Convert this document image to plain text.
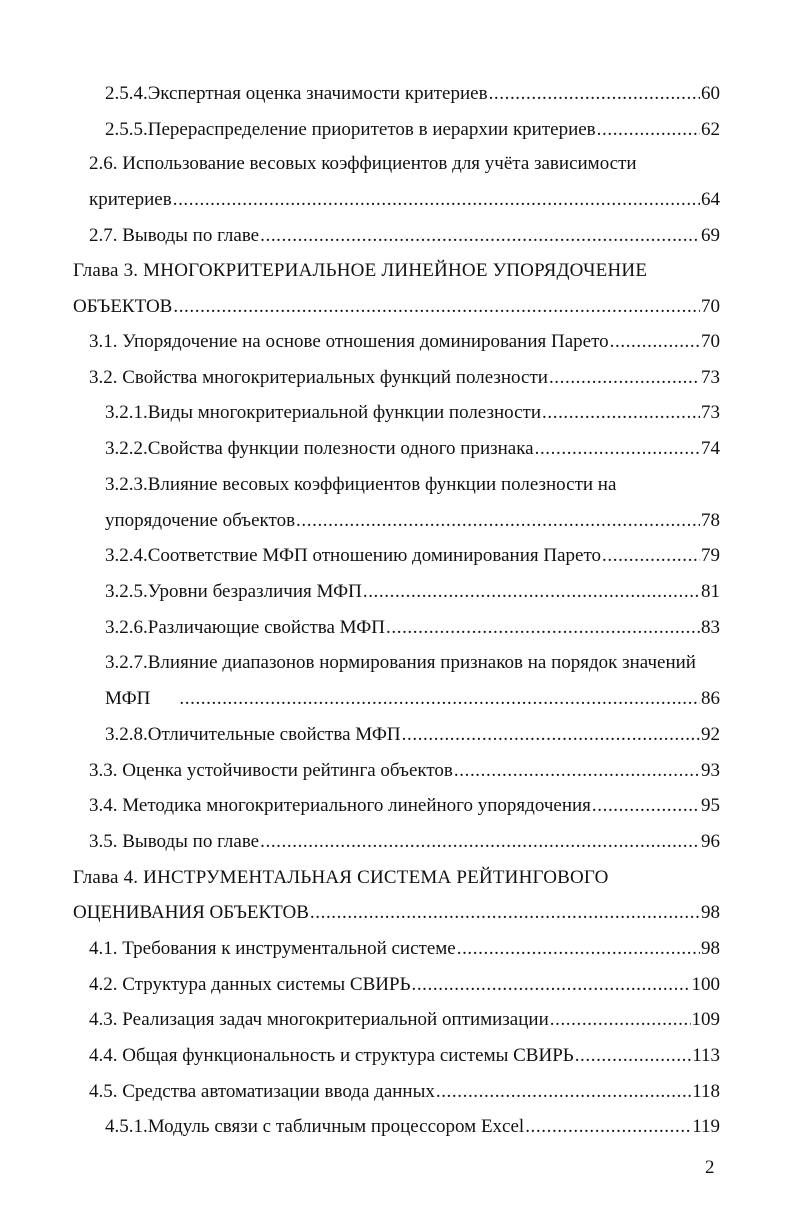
2.5.4.Экспертная оценка значимости критериев .....	60
2.5.5.Перераспределение приоритетов в иерархии критериев .....	62
2.6. Использование весовых коэффициентов для учёта зависимости
критериев .....	64
2.7. Выводы по главе .....	69
Глава 3. МНОГОКРИТЕРИАЛЬНОЕ ЛИНЕЙНОЕ УПОРЯДОЧЕНИЕ
ОБЪЕКТОВ .....	70
3.1. Упорядочение на основе отношения доминирования Парето .....	70
3.2. Свойства многокритериальных функций полезности .....	73
3.2.1.Виды многокритериальной функции полезности .....	73
3.2.2.Свойства функции полезности одного признака .....	74
3.2.3.Влияние весовых коэффициентов функции полезности на
упорядочение объектов .....	78
3.2.4.Соответствие МФП отношению доминирования Парето .....	79
3.2.5.Уровни безразличия МФП .....	81
3.2.6.Различающие свойства МФП .....	83
3.2.7.Влияние диапазонов нормирования признаков на порядок значений
МФП .....	86
3.2.8.Отличительные свойства МФП .....	92
3.3. Оценка устойчивости рейтинга объектов .....	93
3.4. Методика многокритериального линейного упорядочения .....	95
3.5. Выводы по главе .....	96
Глава 4. ИНСТРУМЕНТАЛЬНАЯ СИСТЕМА РЕЙТИНГОВОГО
ОЦЕНИВАНИЯ ОБЪЕКТОВ .....	98
4.1. Требования к инструментальной системе .....	98
4.2. Структура данных системы СВИРЬ .....	100
4.3. Реализация задач многокритериальной оптимизации .....	109
4.4. Общая функциональность и структура системы СВИРЬ .....	113
4.5. Средства автоматизации ввода данных .....	118
4.5.1.Модуль связи с табличным процессором Excel .....	119
2
